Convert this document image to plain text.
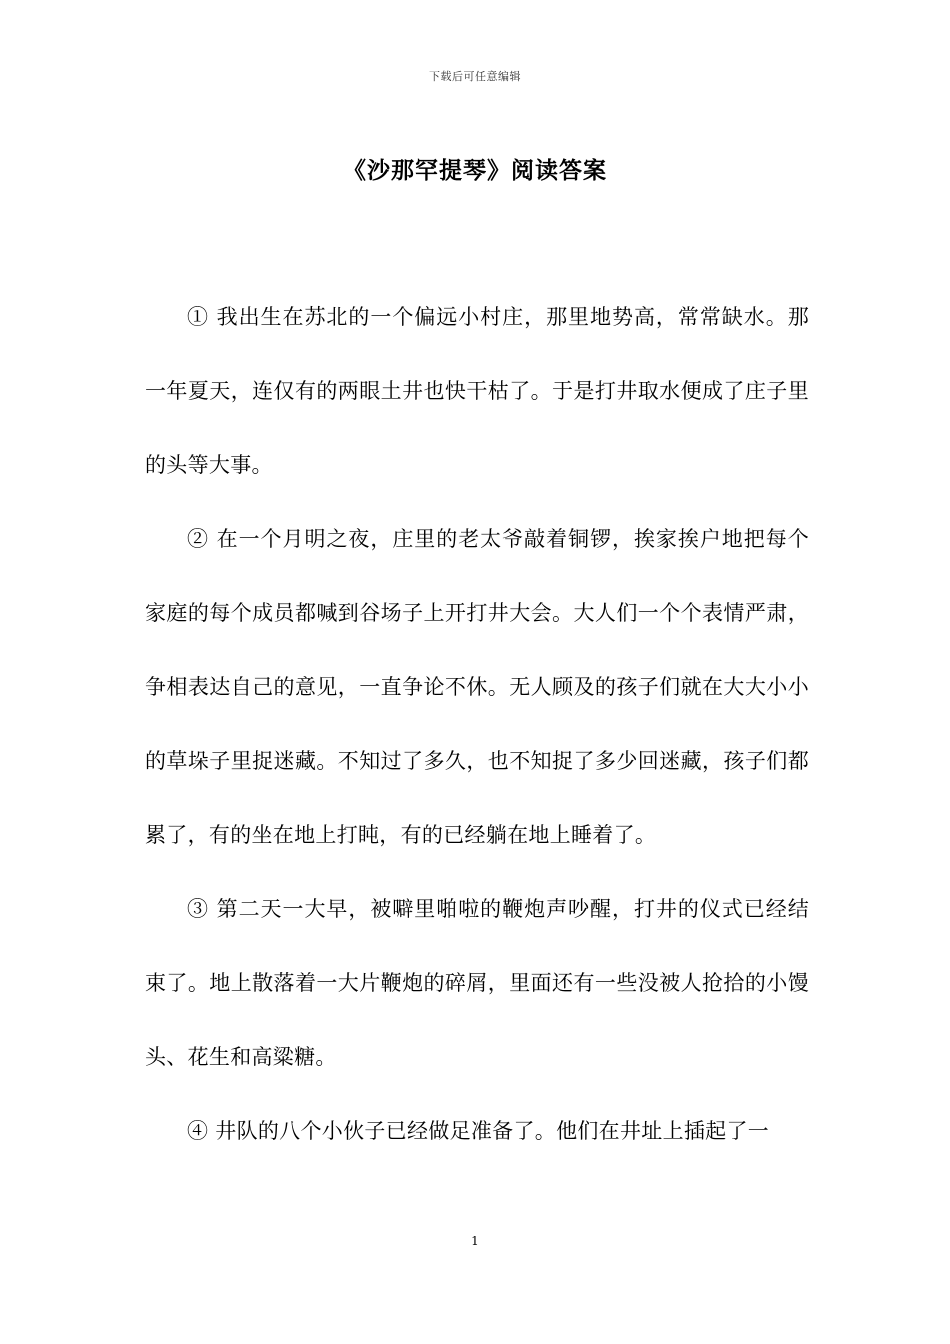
下载后可任意编辑
《沙那罕提琴》阅读答案

① 我出生在苏北的一个偏远小村庄，那里地势高，常常缺水。那一年夏天，连仅有的两眼土井也快干枯了。于是打井取水便成了庄子里的头等大事。

② 在一个月明之夜，庄里的老太爷敲着铜锣，挨家挨户地把每个家庭的每个成员都喊到谷场子上开打井大会。大人们一个个表情严肃，争相表达自己的意见，一直争论不休。无人顾及的孩子们就在大大小小的草垛子里捉迷藏。不知过了多久，也不知捉了多少回迷藏，孩子们都累了，有的坐在地上打盹，有的已经躺在地上睡着了。

③ 第二天一大早，被噼里啪啦的鞭炮声吵醒，打井的仪式已经结束了。地上散落着一大片鞭炮的碎屑，里面还有一些没被人抢拾的小馒头、花生和高粱糖。

④ 井队的八个小伙子已经做足准备了。他们在井址上插起了一

1
